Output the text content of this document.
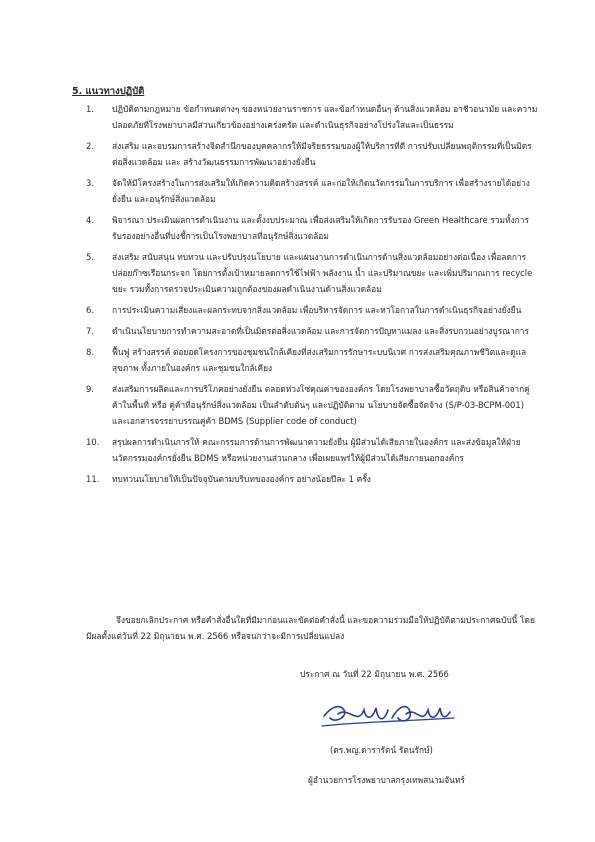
5. แนวทางปฏิบัติ

1.	ปฏิบัติตามกฎหมาย ข้อกำหนดต่างๆ ของหน่วยงานราชการ และข้อกำหนดอื่นๆ ด้านสิ่งแวดล้อม อาชีวอนามัย และความปลอดภัยที่โรงพยาบาลมีส่วนเกี่ยวข้องอย่างเคร่งครัด และดำเนินธุรกิจอย่างโปร่งใสและเป็นธรรม
2.	ส่งเสริม และอบรมการสร้างจิตสำนึกของบุคคลากรให้มีจริยธรรมของผู้ให้บริการที่ดี การปรับเปลี่ยนพฤติกรรมที่เป็นมิตรต่อสิ่งแวดล้อม และ สร้างวัฒนธรรมการพัฒนาอย่างยั่งยืน
3.	จัดให้มีโครงสร้างในการส่งเสริมให้เกิดความคิดสร้างสรรค์ และก่อให้เกิดนวัตกรรมในการบริการ เพื่อสร้างรายได้อย่างยั่งยืน และอนุรักษ์สิ่งแวดล้อม
4.	พิจารณา ประเมินผลการดำเนินงาน และตั้งงบประมาณ เพื่อส่งเสริมให้เกิดการรับรอง Green Healthcare รวมทั้งการรับรองอย่างอื่นที่บ่งชี้การเป็นโรงพยาบาลที่อนุรักษ์สิ่งแวดล้อม
5.	ส่งเสริม สนับสนุน ทบทวน และปรับปรุงนโยบาย และแผนงานการดำเนินการด้านสิ่งแวดล้อมอย่างต่อเนื่อง เพื่อลดการปล่อยก๊าซเรือนกระจก โดยการตั้งเป้าหมายลดการใช้ไฟฟ้า พลังงาน น้ำ และปริมาณขยะ และเพิ่มปริมาณการ recycle ขยะ รวมทั้งการตรวจประเมินความถูกต้องของผลดำเนินงานด้านสิ่งแวดล้อม
6.	การประเมินความเสี่ยงและผลกระทบจากสิ่งแวดล้อม เพื่อบริหารจัดการ และหาโอกาสในการดำเนินธุรกิจอย่างยั่งยืน
7.	ดำเนินนโยบายการทำความสะอาดที่เป็นมิตรต่อสิ่งแวดล้อม และการจัดการปัญหาแมลง และสิ่งรบกวนอย่างบูรณาการ
8.	ฟื้นฟู สร้างสรรค์ ต่อยอดโครงการของชุมชนใกล้เคียงที่ส่งเสริมการรักษาระบบนิเวศ การส่งเสริมคุณภาพชีวิตและดูแลสุขภาพ ทั้งภายในองค์กร และชุมชนใกล้เคียง
9.	ส่งเสริมการผลิตและการบริโภคอย่างยั่งยืน ตลอดห่วงโซ่คุณค่าขององค์กร โดยโรงพยาบาลซื้อวัตถุดิบ หรือสินค้าจากคู่ค้าในพื้นที่ หรือ คู่ค้าที่อนุรักษ์สิ่งแวดล้อม เป็นลำดับต้นๆ และปฏิบัติตาม นโยบายจัดซื้อจัดจ้าง (S/P-03-BCPM-001) และเอกสารจรรยาบรรณคู่ค้า BDMS (Supplier code of conduct)
10.	สรุปผลการดำเนินการให้ คณะกรรมการด้านการพัฒนาความยั่งยืน ผู้มีส่วนได้เสียภายในองค์กร และส่งข้อมูลให้ฝ่ายนวัตกรรมองค์กรยั่งยืน BDMS หรือหน่วยงานส่วนกลาง เพื่อเผยแพร่ให้ผู้มีส่วนได้เสียภายนอกองค์กร
11.	ทบทวนนโยบายให้เป็นปัจจุบันตามบริบทขององค์กร อย่างน้อยปีละ 1 ครั้ง

จึงขอยกเลิกประกาศ หรือคำสั่งอื่นใดที่มีมาก่อนและขัดต่อคำสั่งนี้ และขอความร่วมมือให้ปฏิบัติตามประกาศฉบับนี้ โดยมีผลตั้งแต่วันที่ 22 มิถุนายน พ.ศ. 2566 หรือจนกว่าจะมีการเปลี่ยนแปลง

ประกาศ ณ วันที่ 22 มิถุนายน พ.ศ. 2566

(ดร.พญ.ดารารัตน์ รัตนรักษ์)

ผู้อำนวยการโรงพยาบาลกรุงเทพสนามจันทร์
